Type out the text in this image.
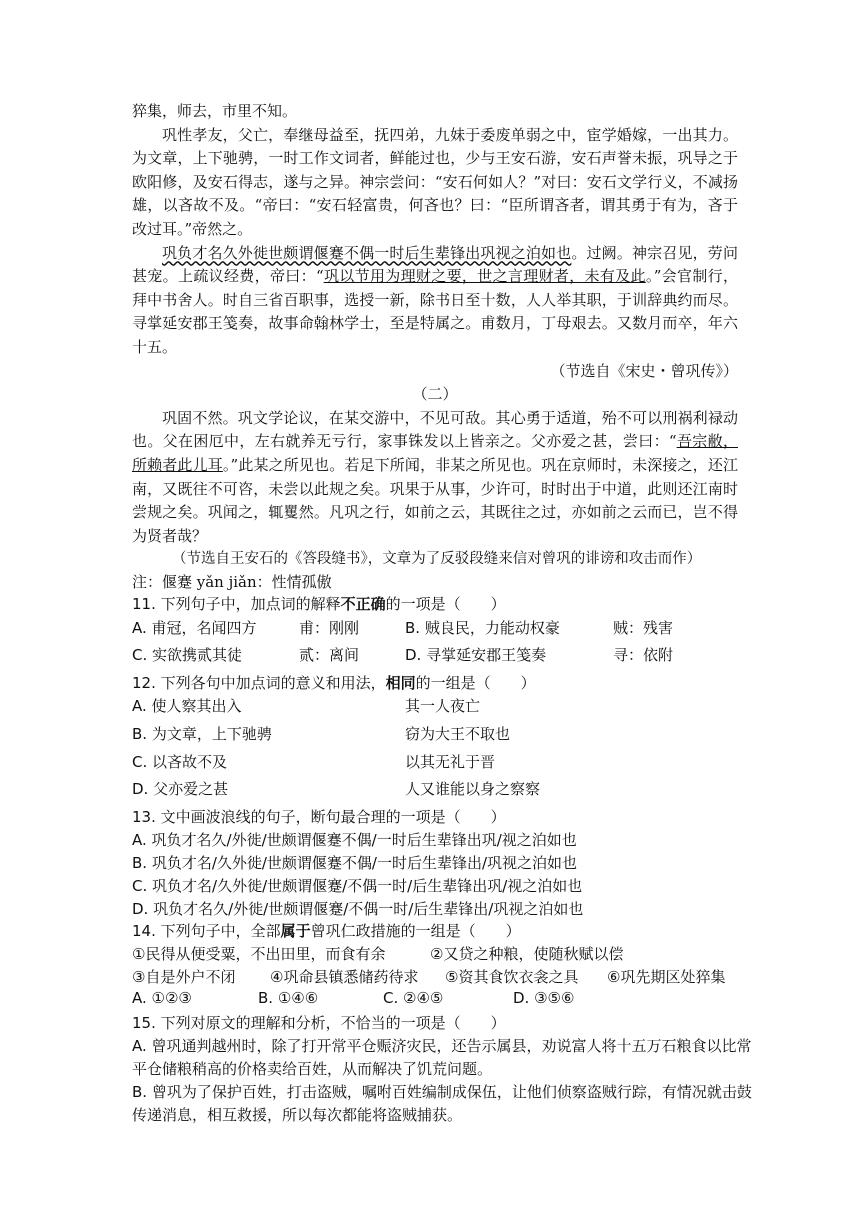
猝集，师去，市里不知。

巩性孝友，父亡，奉继母益至，抚四弟，九妹于委废单弱之中，宦学婚嫁，一出其力。为文章，上下驰骋，一时工作文词者，鲜能过也，少与王安石游，安石声誉未振，巩导之于欧阳修，及安石得志，遂与之异。神宗尝问：“安石何如人？”对曰：安石文学行义，不减扬雄，以吝故不及。“帝曰：“安石轻富贵，何吝也？曰：“臣所谓吝者，谓其勇于有为，吝于改过耳。”帝然之。

巩负才名久外徙世颇谓偃蹇不偶一时后生辈锋出巩视之泊如也。过阙。神宗召见，劳问甚宠。上疏议经费，帝曰：“巩以节用为理财之要，世之言理财者，未有及此。”会官制行，拜中书舍人。时自三省百职事，选授一新，除书日至十数，人人举其职，于训辞典约而尽。寻掌延安郡王笺奏，故事命翰林学士，至是特属之。甫数月，丁母艰去。又数月而卒，年六十五。

（节选自《宋史・曾巩传》）
（二）

巩固不然。巩文学论议，在某交游中，不见可敌。其心勇于适道，殆不可以刑祸利禄动也。父在困厄中，左右就养无亏行，家事铢发以上皆亲之。父亦爱之甚，尝曰：“吾宗敝，所赖者此儿耳。”此某之所见也。若足下所闻，非某之所见也。巩在京师时，未深接之，还江南，又既往不可咨，未尝以此规之矣。巩果于从事，少许可，时时出于中道，此则还江南时尝规之矣。巩闻之，辄矍然。凡巩之行，如前之云，其既往之过，亦如前之云而已，岂不得为贤者哉？

（节选自王安石的《答段缝书》，文章为了反驳段缝来信对曾巩的诽谤和攻击而作）
注：偃蹇 yǎn jiǎn：性情孤傲
11. 下列句子中，加点词的解释不正确的一项是（　　）
A. 甫冠，名闻四方	甫：刚刚	B. 贼良民，力能动权豪	贼：残害
C. 实欲携贰其徒	贰：离间	D. 寻掌延安郡王笺奏	寻：依附
12. 下列各句中加点词的意义和用法，相同的一组是（　　）
A. 使人察其出入	其一人夜亡
B. 为文章，上下驰骋	窃为大王不取也
C. 以吝故不及	以其无礼于晋
D. 父亦爱之甚	人又谁能以身之察察
13. 文中画波浪线的句子，断句最合理的一项是（　　）
A. 巩负才名久/外徙/世颇谓偃蹇不偶/一时后生辈锋出巩/视之泊如也
B. 巩负才名/久外徙/世颇谓偃蹇不偶/一时后生辈锋出/巩视之泊如也
C. 巩负才名/久外徙/世颇谓偃蹇/不偶一时/后生辈锋出巩/视之泊如也
D. 巩负才名久/外徙/世颇谓偃蹇/不偶一时/后生辈锋出/巩视之泊如也
14. 下列句子中，全部属于曾巩仁政措施的一组是（　　）
①民得从便受粟，不出田里，而食有余	②又贷之种粮，使随秋赋以偿
③自是外户不闭 ④巩命县镇悉储药待求 ⑤资其食饮衣衾之具 ⑥巩先期区处猝集
A. ①②③	B. ①④⑥	C. ②④⑤	D. ③⑤⑥
15. 下列对原文的理解和分析，不恰当的一项是（　　）
A. 曾巩通判越州时，除了打开常平仓赈济灾民，还告示属县，劝说富人将十五万石粮食以比常平仓储粮稍高的价格卖给百姓，从而解决了饥荒问题。
B. 曾巩为了保护百姓，打击盗贼，嘱咐百姓编制成保伍，让他们侦察盗贼行踪，有情况就击鼓传递消息，相互救援，所以每次都能将盗贼捕获。
